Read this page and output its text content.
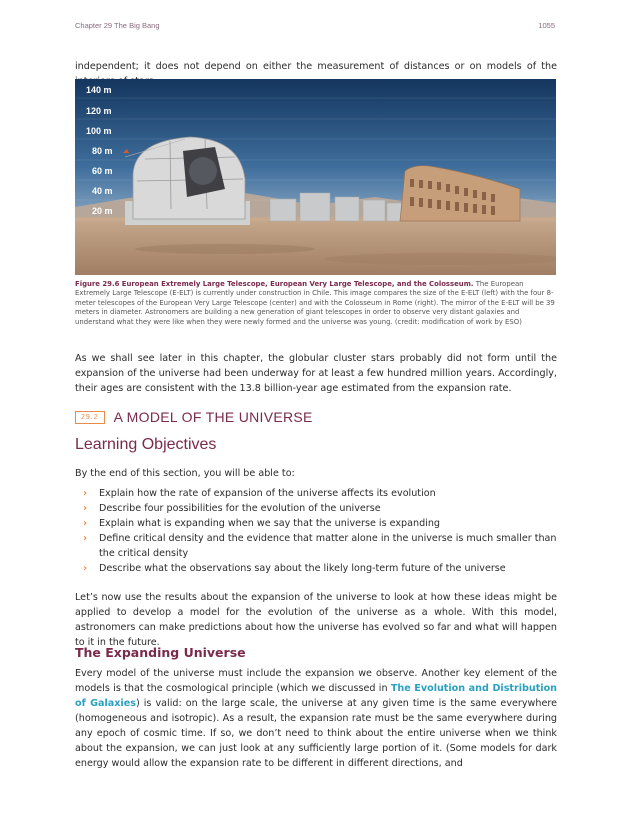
Chapter 29 The Big Bang	1055
independent; it does not depend on either the measurement of distances or on models of the
140 m
120 m
100 m
80 m
60 m
40 m
20 m
Figure 29.6 European Extremely Large Telescope, European Very Large Telescope, and the Colosseum. The European Extremely Large Telescope (E-ELT) is currently under construction in Chile. This image compares the size of the E-ELT (left) with the four 8-meter telescopes of the European Very Large Telescope (center) and with the Colosseum in Rome (right). The mirror of the E-ELT will be 39 meters in diameter. Astronomers are building a new generation of giant telescopes in order to observe very distant galaxies and understand what they were like when they were newly formed and the universe was young. (credit: modification of work by ESO)
As we shall see later in this chapter, the globular cluster stars probably did not form until the expansion of the universe had been underway for at least a few hundred million years. Accordingly, their ages are consistent with the 13.8 billion-year age estimated from the expansion rate.
29.2	A MODEL OF THE UNIVERSE
Learning Objectives
By the end of this section, you will be able to:
› Explain how the rate of expansion of the universe affects its evolution
› Describe four possibilities for the evolution of the universe
› Explain what is expanding when we say that the universe is expanding
› Define critical density and the evidence that matter alone in the universe is much smaller than the critical density
› Describe what the observations say about the likely long-term future of the universe
Let’s now use the results about the expansion of the universe to look at how these ideas might be applied to develop a model for the evolution of the universe as a whole. With this model, astronomers can make predictions about how the universe has evolved so far and what will happen to it in the future.
The Expanding Universe
Every model of the universe must include the expansion we observe. Another key element of the models is that the cosmological principle (which we discussed in The Evolution and Distribution of Galaxies) is valid: on the large scale, the universe at any given time is the same everywhere (homogeneous and isotropic). As a result, the expansion rate must be the same everywhere during any epoch of cosmic time. If so, we don’t need to think about the entire universe when we think about the expansion, we can just look at any sufficiently large portion of it. (Some models for dark energy would allow the expansion rate to be different in different directions, and
